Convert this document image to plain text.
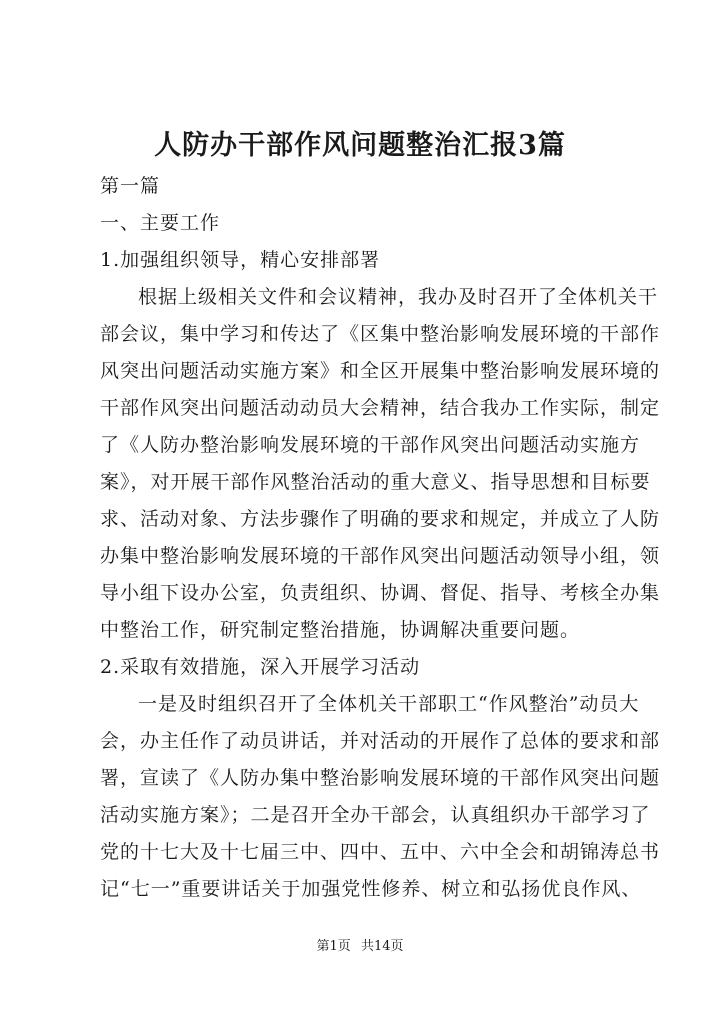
人防办干部作风问题整治汇报3篇
第一篇
一、主要工作
1.加强组织领导，精心安排部署
根据上级相关文件和会议精神，我办及时召开了全体机关干
部会议，集中学习和传达了《区集中整治影响发展环境的干部作
风突出问题活动实施方案》和全区开展集中整治影响发展环境的
干部作风突出问题活动动员大会精神，结合我办工作实际，制定
了《人防办整治影响发展环境的干部作风突出问题活动实施方
案》，对开展干部作风整治活动的重大意义、指导思想和目标要
求、活动对象、方法步骤作了明确的要求和规定，并成立了人防
办集中整治影响发展环境的干部作风突出问题活动领导小组，领
导小组下设办公室，负责组织、协调、督促、指导、考核全办集
中整治工作，研究制定整治措施，协调解决重要问题。
2.采取有效措施，深入开展学习活动
一是及时组织召开了全体机关干部职工“作风整治”动员大
会，办主任作了动员讲话，并对活动的开展作了总体的要求和部
署，宣读了《人防办集中整治影响发展环境的干部作风突出问题
活动实施方案》；二是召开全办干部会，认真组织办干部学习了
党的十七大及十七届三中、四中、五中、六中全会和胡锦涛总书
记“七一”重要讲话关于加强党性修养、树立和弘扬优良作风、
第1页 共14页
